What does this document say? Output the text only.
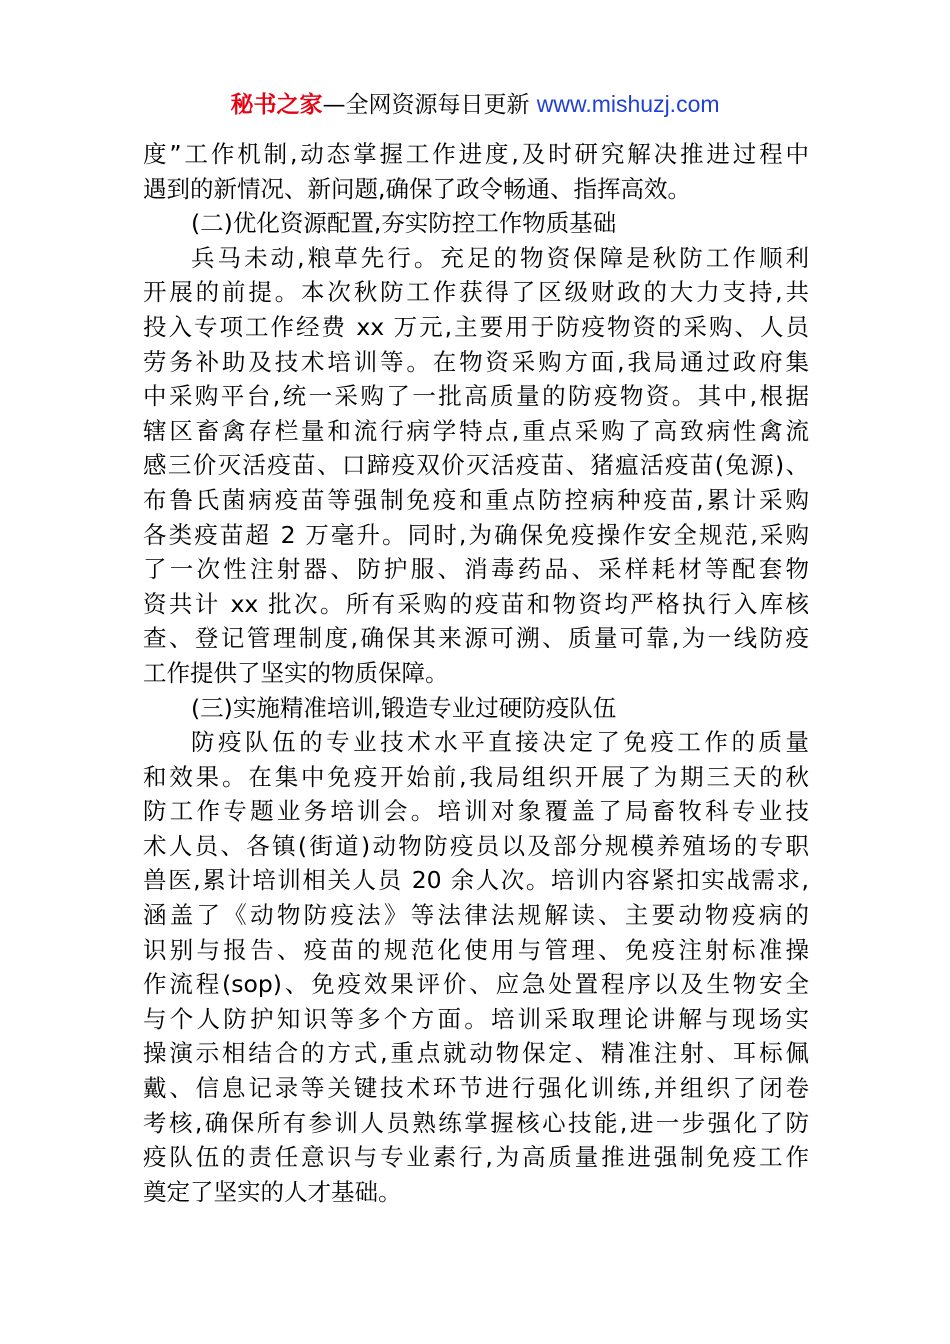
秘书之家—全网资源每日更新 www.mishuzj.com
度”工作机制,动态掌握工作进度,及时研究解决推进过程中
遇到的新情况、新问题,确保了政令畅通、指挥高效。
(二)优化资源配置,夯实防控工作物质基础
兵马未动,粮草先行。充足的物资保障是秋防工作顺利
开展的前提。本次秋防工作获得了区级财政的大力支持,共
投入专项工作经费 xx 万元,主要用于防疫物资的采购、人员
劳务补助及技术培训等。在物资采购方面,我局通过政府集
中采购平台,统一采购了一批高质量的防疫物资。其中,根据
辖区畜禽存栏量和流行病学特点,重点采购了高致病性禽流
感三价灭活疫苗、口蹄疫双价灭活疫苗、猪瘟活疫苗(兔源)、
布鲁氏菌病疫苗等强制免疫和重点防控病种疫苗,累计采购
各类疫苗超 2 万毫升。同时,为确保免疫操作安全规范,采购
了一次性注射器、防护服、消毒药品、采样耗材等配套物
资共计 xx 批次。所有采购的疫苗和物资均严格执行入库核
查、登记管理制度,确保其来源可溯、质量可靠,为一线防疫
工作提供了坚实的物质保障。
(三)实施精准培训,锻造专业过硬防疫队伍
防疫队伍的专业技术水平直接决定了免疫工作的质量
和效果。在集中免疫开始前,我局组织开展了为期三天的秋
防工作专题业务培训会。培训对象覆盖了局畜牧科专业技
术人员、各镇(街道)动物防疫员以及部分规模养殖场的专职
兽医,累计培训相关人员 20 余人次。培训内容紧扣实战需求,
涵盖了《动物防疫法》等法律法规解读、主要动物疫病的
识别与报告、疫苗的规范化使用与管理、免疫注射标准操
作流程(sop)、免疫效果评价、应急处置程序以及生物安全
与个人防护知识等多个方面。培训采取理论讲解与现场实
操演示相结合的方式,重点就动物保定、精准注射、耳标佩
戴、信息记录等关键技术环节进行强化训练,并组织了闭卷
考核,确保所有参训人员熟练掌握核心技能,进一步强化了防
疫队伍的责任意识与专业素行,为高质量推进强制免疫工作
奠定了坚实的人才基础。
